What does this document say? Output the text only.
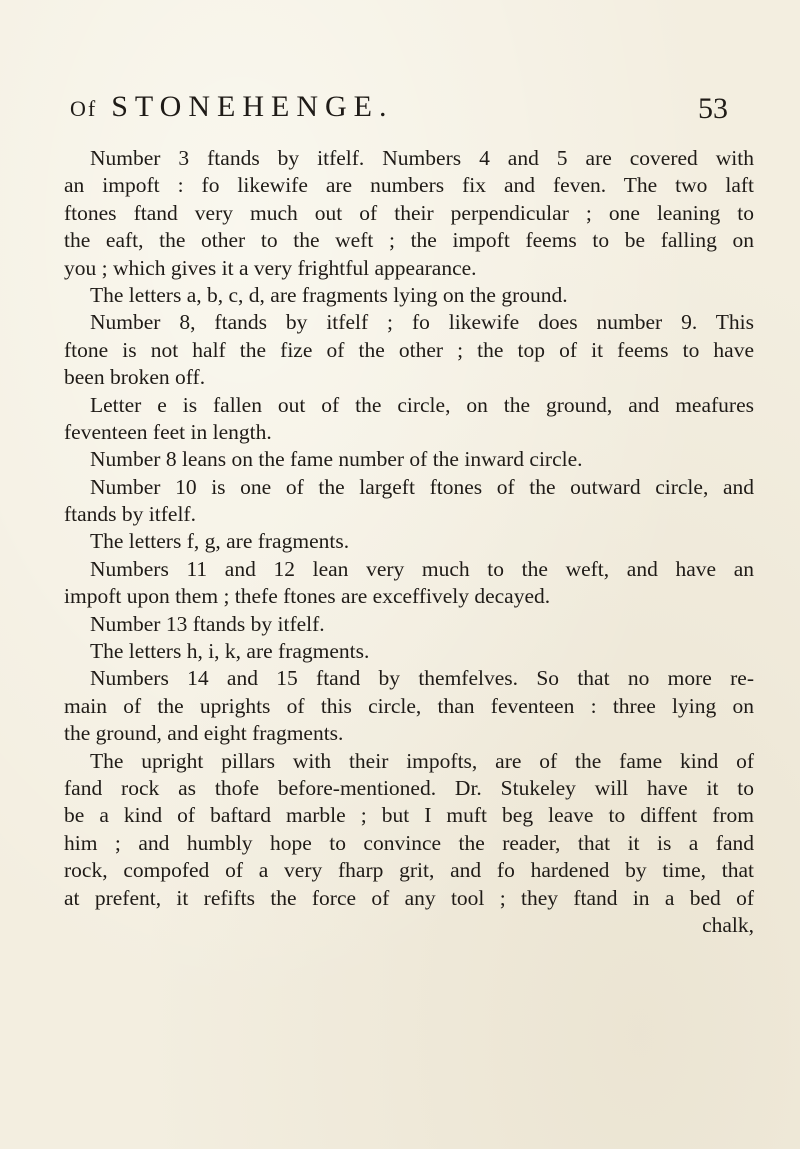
Of STONEHENGE.	53
Number 3 ftands by itfelf. Numbers 4 and 5 are covered with
an impoft : fo likewife are numbers fix and feven. The two laft
ftones ftand very much out of their perpendicular ; one leaning to
the eaft, the other to the weft ; the impoft feems to be falling on
you ; which gives it a very frightful appearance.
The letters a, b, c, d, are fragments lying on the ground.
Number 8, ftands by itfelf ; fo likewife does number 9. This
ftone is not half the fize of the other ; the top of it feems to have
been broken off.
Letter e is fallen out of the circle, on the ground, and meafures
feventeen feet in length.
Number 8 leans on the fame number of the inward circle.
Number 10 is one of the largeft ftones of the outward circle, and
ftands by itfelf.
The letters f, g, are fragments.
Numbers 11 and 12 lean very much to the weft, and have an
impoft upon them ; thefe ftones are exceffively decayed.
Number 13 ftands by itfelf.
The letters h, i, k, are fragments.
Numbers 14 and 15 ftand by themfelves. So that no more re-
main of the uprights of this circle, than feventeen : three lying on
the ground, and eight fragments.
The upright pillars with their impofts, are of the fame kind of
fand rock as thofe before-mentioned. Dr. Stukeley will have it to
be a kind of baftard marble ; but I muft beg leave to diffent from
him ; and humbly hope to convince the reader, that it is a fand
rock, compofed of a very fharp grit, and fo hardened by time, that
at prefent, it refifts the force of any tool ; they ftand in a bed of
chalk,
